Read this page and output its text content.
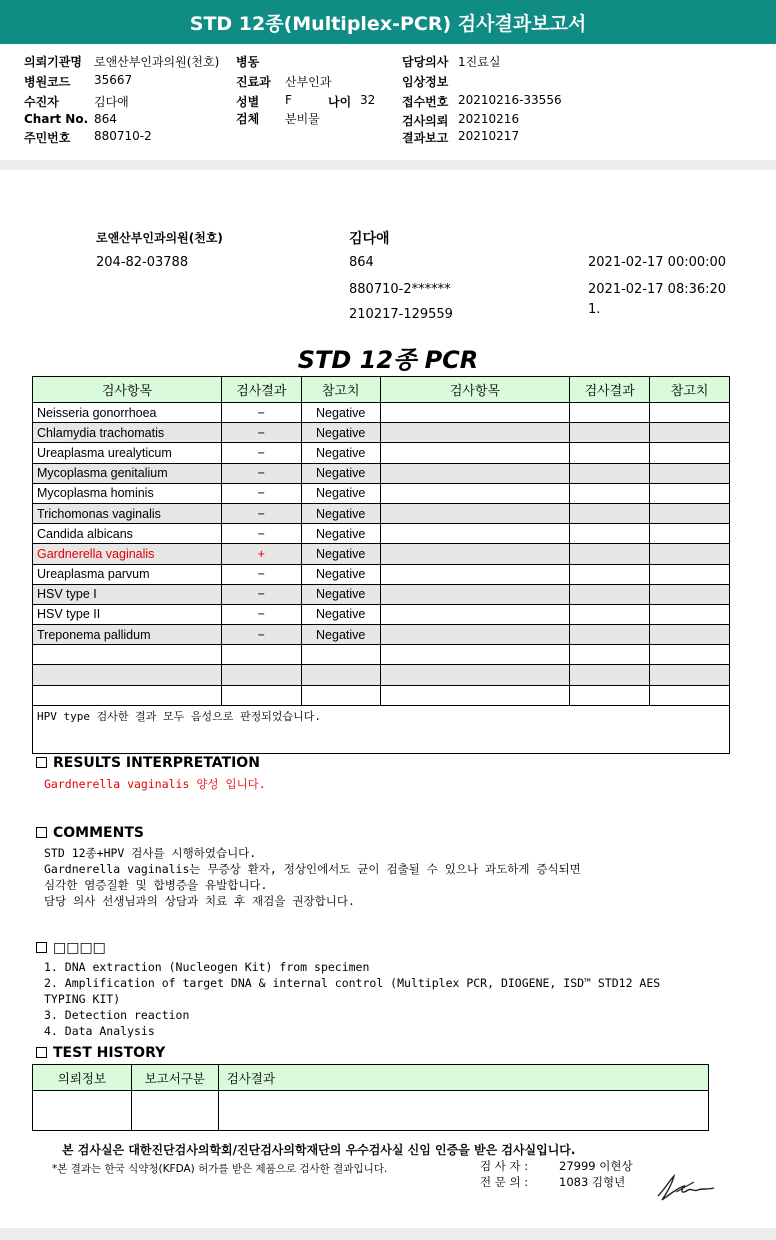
STD 12종(Multiplex-PCR) 검사결과보고서
의뢰기관명 로앤산부인과의원(천호) 병동	담당의사 1진료실
병원코드 35667	진료과 산부인과	임상정보
수진자	김다애	성별 F	나이 32 접수번호 20210216-33556
Chart No. 864	검체 분비물	검사의뢰 20210216
주민번호 880710-2	결과보고 20210217
로앤산부인과의원(천호)	김다애
204-82-03788	864	2021-02-17 00:00:00
880710-2******	2021-02-17 08:36:20
1.
210217-129559
STD 12종 PCR
검사항목	검사결과	참고치	검사항목	검사결과	참고치
Neisseria gonorrhoea	−	Negative			
Chlamydia trachomatis	−	Negative			
Ureaplasma urealyticum	−	Negative			
Mycoplasma genitalium	−	Negative			
Mycoplasma hominis	−	Negative			
Trichomonas vaginalis	−	Negative			
Candida albicans	−	Negative			
Gardnerella vaginalis	+	Negative			
Ureaplasma parvum	−	Negative			
HSV type I	−	Negative			
HSV type II	−	Negative			
Treponema pallidum	−	Negative			

HPV type 검사한 결과 모두 음성으로 판정되었습니다.					
RESULTS INTERPRETATION
Gardnerella vaginalis 양성 입니다.
COMMENTS
STD 12종+HPV 검사를 시행하였습니다.
Gardnerella vaginalis는 무증상 환자, 정상인에서도 균이 검출될 수 있으나 과도하게 증식되면
심각한 염증질환 및 합병증을 유발합니다.
담당 의사 선생님과의 상담과 치료 후 재검을 권장합니다.
□□□□
1. DNA extraction (Nucleogen Kit) from specimen
2. Amplification of target DNA & internal control (Multiplex PCR, DIOGENE, ISD™ STD12 AES
TYPING KIT)
3. Detection reaction
4. Data Analysis
TEST HISTORY
의뢰정보	보고서구분	검사결과

본 검사실은 대한진단검사의학회/진단검사의학재단의 우수검사실 신임 인증을 받은 검사실입니다.
*본 결과는 한국 식약청(KFDA) 허가를 받은 제품으로 검사한 결과입니다.	검 사 자 :	27999 이현상
전 문 의 :	1083 김형년
